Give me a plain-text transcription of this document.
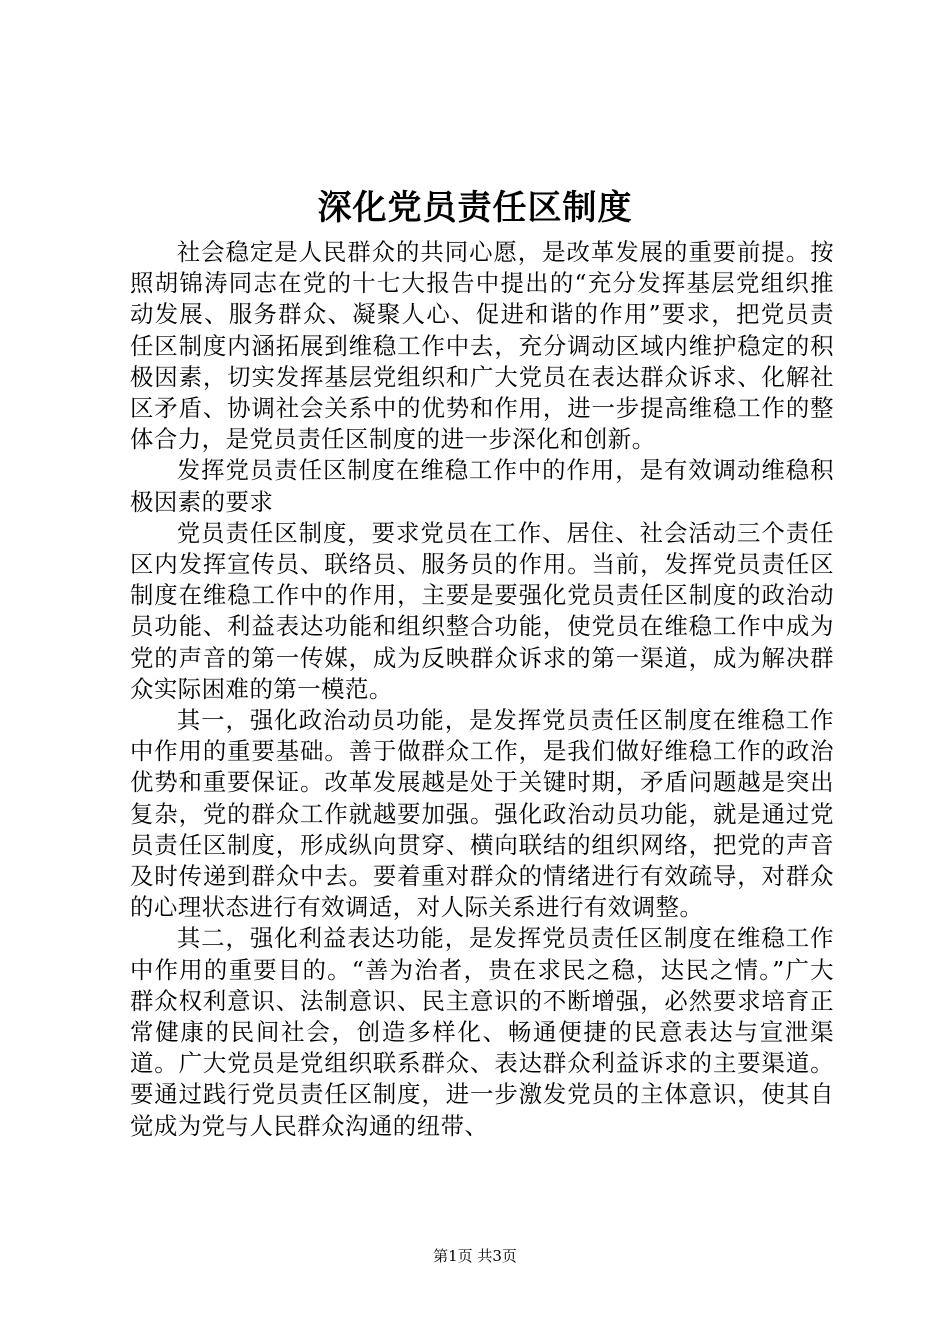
深化党员责任区制度

社会稳定是人民群众的共同心愿，是改革发展的重要前提。按照胡锦涛同志在党的十七大报告中提出的“充分发挥基层党组织推动发展、服务群众、凝聚人心、促进和谐的作用”要求，把党员责任区制度内涵拓展到维稳工作中去，充分调动区域内维护稳定的积极因素，切实发挥基层党组织和广大党员在表达群众诉求、化解社区矛盾、协调社会关系中的优势和作用，进一步提高维稳工作的整体合力，是党员责任区制度的进一步深化和创新。

发挥党员责任区制度在维稳工作中的作用，是有效调动维稳积极因素的要求

党员责任区制度，要求党员在工作、居住、社会活动三个责任区内发挥宣传员、联络员、服务员的作用。当前，发挥党员责任区制度在维稳工作中的作用，主要是要强化党员责任区制度的政治动员功能、利益表达功能和组织整合功能，使党员在维稳工作中成为党的声音的第一传媒，成为反映群众诉求的第一渠道，成为解决群众实际困难的第一模范。

其一，强化政治动员功能，是发挥党员责任区制度在维稳工作中作用的重要基础。善于做群众工作，是我们做好维稳工作的政治优势和重要保证。改革发展越是处于关键时期，矛盾问题越是突出复杂，党的群众工作就越要加强。强化政治动员功能，就是通过党员责任区制度，形成纵向贯穿、横向联结的组织网络，把党的声音及时传递到群众中去。要着重对群众的情绪进行有效疏导，对群众的心理状态进行有效调适，对人际关系进行有效调整。

其二，强化利益表达功能，是发挥党员责任区制度在维稳工作中作用的重要目的。“善为治者，贵在求民之稳，达民之情。”广大群众权利意识、法制意识、民主意识的不断增强，必然要求培育正常健康的民间社会，创造多样化、畅通便捷的民意表达与宣泄渠道。广大党员是党组织联系群众、表达群众利益诉求的主要渠道。要通过践行党员责任区制度，进一步激发党员的主体意识，使其自觉成为党与人民群众沟通的纽带、

第1页 共3页
